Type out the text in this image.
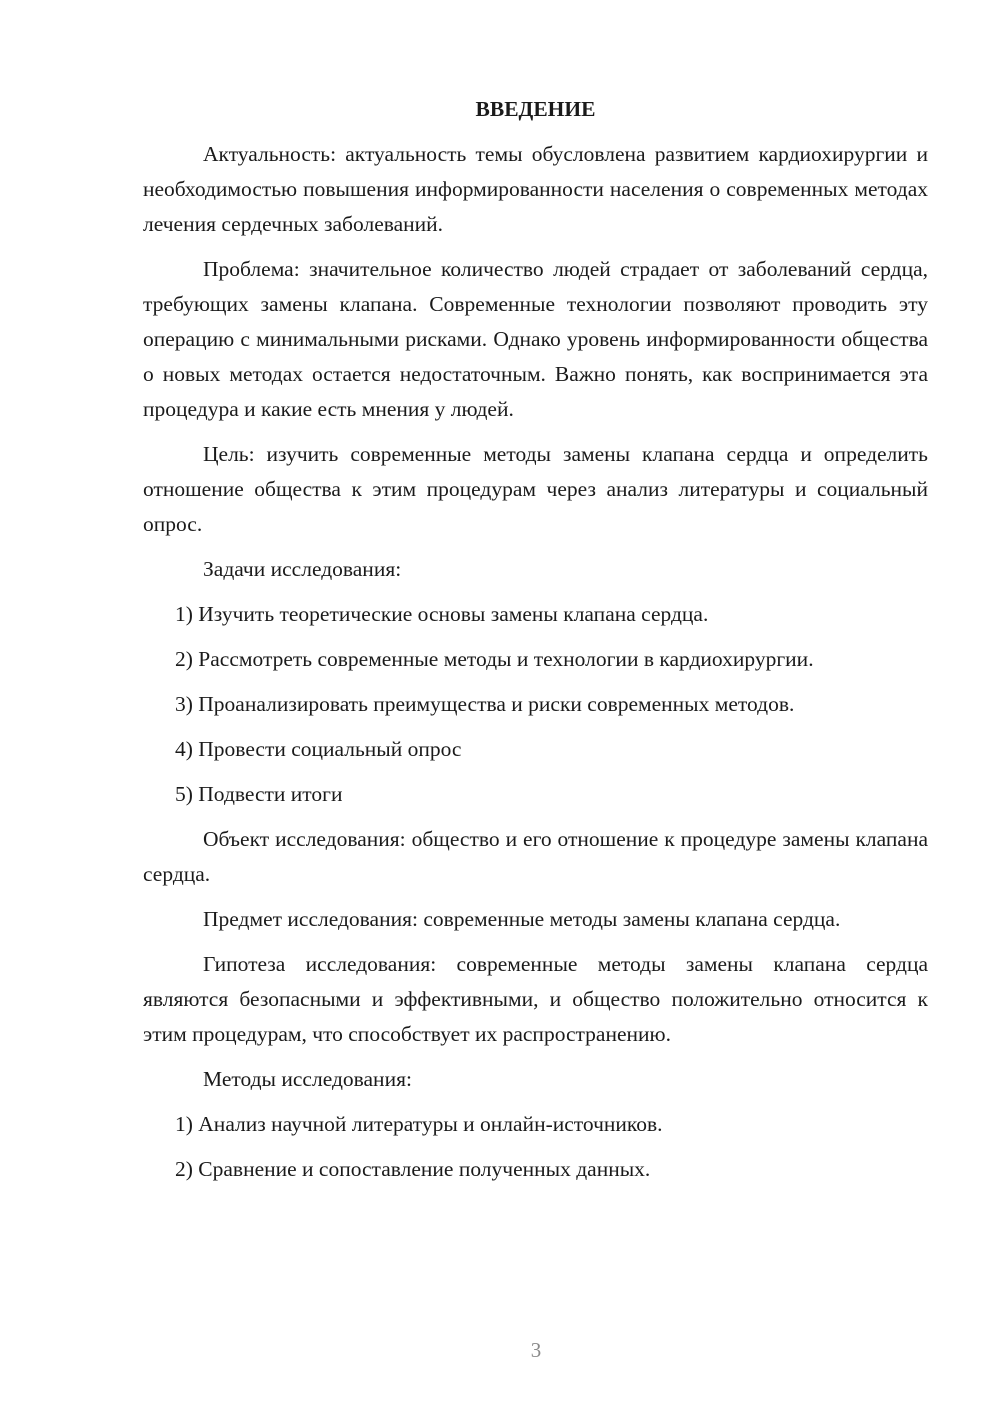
ВВЕДЕНИЕ

Актуальность: актуальность темы обусловлена развитием кардиохирургии и необходимостью повышения информированности населения о современных методах лечения сердечных заболеваний.

Проблема: значительное количество людей страдает от заболеваний сердца, требующих замены клапана. Современные технологии позволяют проводить эту операцию с минимальными рисками. Однако уровень информированности общества о новых методах остается недостаточным. Важно понять, как воспринимается эта процедура и какие есть мнения у людей.

Цель: изучить современные методы замены клапана сердца и определить отношение общества к этим процедурам через анализ литературы и социальный опрос.

Задачи исследования:

1) Изучить теоретические основы замены клапана сердца.

2) Рассмотреть современные методы и технологии в кардиохирургии.

3) Проанализировать преимущества и риски современных методов.

4) Провести социальный опрос

5) Подвести итоги

Объект исследования: общество и его отношение к процедуре замены клапана сердца.

Предмет исследования: современные методы замены клапана сердца.

Гипотеза исследования: современные методы замены клапана сердца являются безопасными и эффективными, и общество положительно относится к этим процедурам, что способствует их распространению.

Методы исследования:

1) Анализ научной литературы и онлайн-источников.

2) Сравнение и сопоставление полученных данных.

3
